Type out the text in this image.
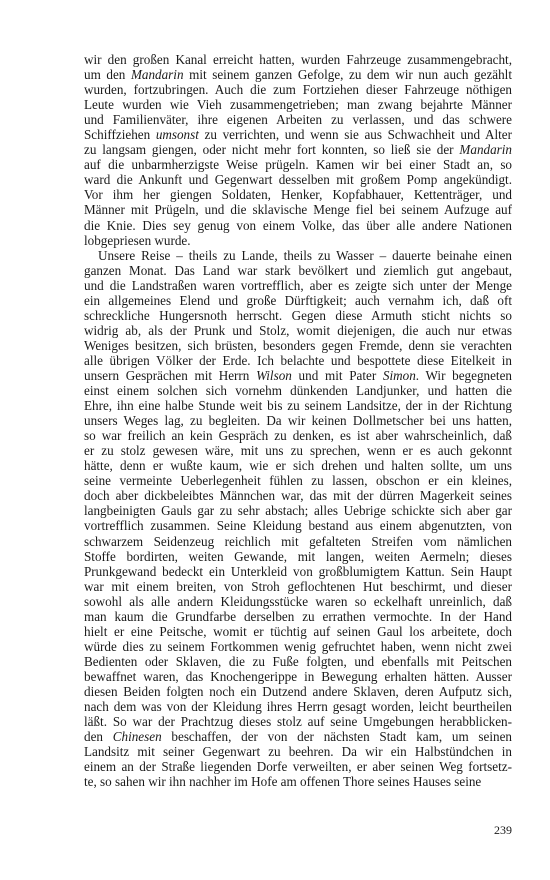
wir den großen Kanal erreicht hatten, wurden Fahrzeuge zusammengebracht,
um den Mandarin mit seinem ganzen Gefolge, zu dem wir nun auch gezählt
wurden, fortzubringen. Auch die zum Fortziehen dieser Fahrzeuge nöthigen
Leute wurden wie Vieh zusammengetrieben; man zwang bejahrte Männer
und Familienväter, ihre eigenen Arbeiten zu verlassen, und das schwere
Schiffziehen umsonst zu verrichten, und wenn sie aus Schwachheit und Alter
zu langsam giengen, oder nicht mehr fort konnten, so ließ sie der Mandarin
auf die unbarmherzigste Weise prügeln. Kamen wir bei einer Stadt an, so
ward die Ankunft und Gegenwart desselben mit großem Pomp angekündigt.
Vor ihm her giengen Soldaten, Henker, Kopfabhauer, Kettenträger, und
Männer mit Prügeln, und die sklavische Menge fiel bei seinem Aufzuge auf
die Knie. Dies sey genug von einem Volke, das über alle andere Nationen
lobgepriesen wurde.
Unsere Reise – theils zu Lande, theils zu Wasser – dauerte beinahe einen
ganzen Monat. Das Land war stark bevölkert und ziemlich gut angebaut,
und die Landstraßen waren vortrefflich, aber es zeigte sich unter der Menge
ein allgemeines Elend und große Dürftigkeit; auch vernahm ich, daß oft
schreckliche Hungersnoth herrscht. Gegen diese Armuth sticht nichts so
widrig ab, als der Prunk und Stolz, womit diejenigen, die auch nur etwas
Weniges besitzen, sich brüsten, besonders gegen Fremde, denn sie verachten
alle übrigen Völker der Erde. Ich belachte und bespottete diese Eitelkeit in
unsern Gesprächen mit Herrn Wilson und mit Pater Simon. Wir begegneten
einst einem solchen sich vornehm dünkenden Landjunker, und hatten die
Ehre, ihn eine halbe Stunde weit bis zu seinem Landsitze, der in der Richtung
unsers Weges lag, zu begleiten. Da wir keinen Dollmetscher bei uns hatten,
so war freilich an kein Gespräch zu denken, es ist aber wahrscheinlich, daß
er zu stolz gewesen wäre, mit uns zu sprechen, wenn er es auch gekonnt
hätte, denn er wußte kaum, wie er sich drehen und halten sollte, um uns
seine vermeinte Ueberlegenheit fühlen zu lassen, obschon er ein kleines,
doch aber dickbeleibtes Männchen war, das mit der dürren Magerkeit seines
langbeinigten Gauls gar zu sehr abstach; alles Uebrige schickte sich aber gar
vortrefflich zusammen. Seine Kleidung bestand aus einem abgenutzten, von
schwarzem Seidenzeug reichlich mit gefalteten Streifen vom nämlichen
Stoffe bordirten, weiten Gewande, mit langen, weiten Aermeln; dieses
Prunkgewand bedeckt ein Unterkleid von großblumigtem Kattun. Sein Haupt
war mit einem breiten, von Stroh geflochtenen Hut beschirmt, und dieser
sowohl als alle andern Kleidungsstücke waren so eckelhaft unreinlich, daß
man kaum die Grundfarbe derselben zu errathen vermochte. In der Hand
hielt er eine Peitsche, womit er tüchtig auf seinen Gaul los arbeitete, doch
würde dies zu seinem Fortkommen wenig gefruchtet haben, wenn nicht zwei
Bedienten oder Sklaven, die zu Fuße folgten, und ebenfalls mit Peitschen
bewaffnet waren, das Knochengerippe in Bewegung erhalten hätten. Ausser
diesen Beiden folgten noch ein Dutzend andere Sklaven, deren Aufputz sich,
nach dem was von der Kleidung ihres Herrn gesagt worden, leicht beurtheilen
läßt. So war der Prachtzug dieses stolz auf seine Umgebungen herabblicken-
den Chinesen beschaffen, der von der nächsten Stadt kam, um seinen
Landsitz mit seiner Gegenwart zu beehren. Da wir ein Halbstündchen in
einem an der Straße liegenden Dorfe verweilten, er aber seinen Weg fortsetz-
te, so sahen wir ihn nachher im Hofe am offenen Thore seines Hauses seine
239
